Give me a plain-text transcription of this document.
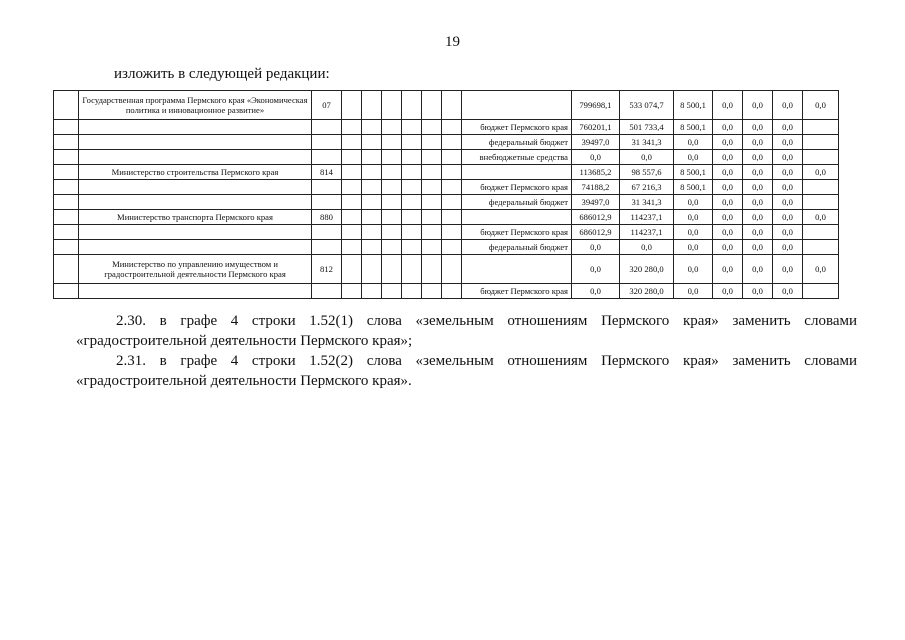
19
изложить в следующей редакции:
	Государственная программа Пермского края «Экономическая политика и инновационное развитие»	07								799698,1	533 074,7	8 500,1	0,0	0,0	0,0	0,0
									бюджет Пермского края	760201,1	501 733,4	8 500,1	0,0	0,0	0,0	
									федеральный бюджет	39497,0	31 341,3	0,0	0,0	0,0	0,0	
									внебюджетные средства	0,0	0,0	0,0	0,0	0,0	0,0	
	Министерство строительства Пермского края	814								113685,2	98 557,6	8 500,1	0,0	0,0	0,0	0,0
									бюджет Пермского края	74188,2	67 216,3	8 500,1	0,0	0,0	0,0	
									федеральный бюджет	39497,0	31 341,3	0,0	0,0	0,0	0,0	
	Министерство транспорта Пермского края	880								686012,9	114237,1	0,0	0,0	0,0	0,0	0,0
									бюджет Пермского края	686012,9	114237,1	0,0	0,0	0,0	0,0	
									федеральный бюджет	0,0	0,0	0,0	0,0	0,0	0,0	
	Министерство по управлению имуществом и градостроительной деятельности Пермского края	812								0,0	320 280,0	0,0	0,0	0,0	0,0	0,0
									бюджет Пермского края	0,0	320 280,0	0,0	0,0	0,0	0,0	

2.30. в графе 4 строки 1.52(1) слова «земельным отношениям Пермского края» заменить словами «градостроительной деятельности Пермского края»;

2.31. в графе 4 строки 1.52(2) слова «земельным отношениям Пермского края» заменить словами «градостроительной деятельности Пермского края».
